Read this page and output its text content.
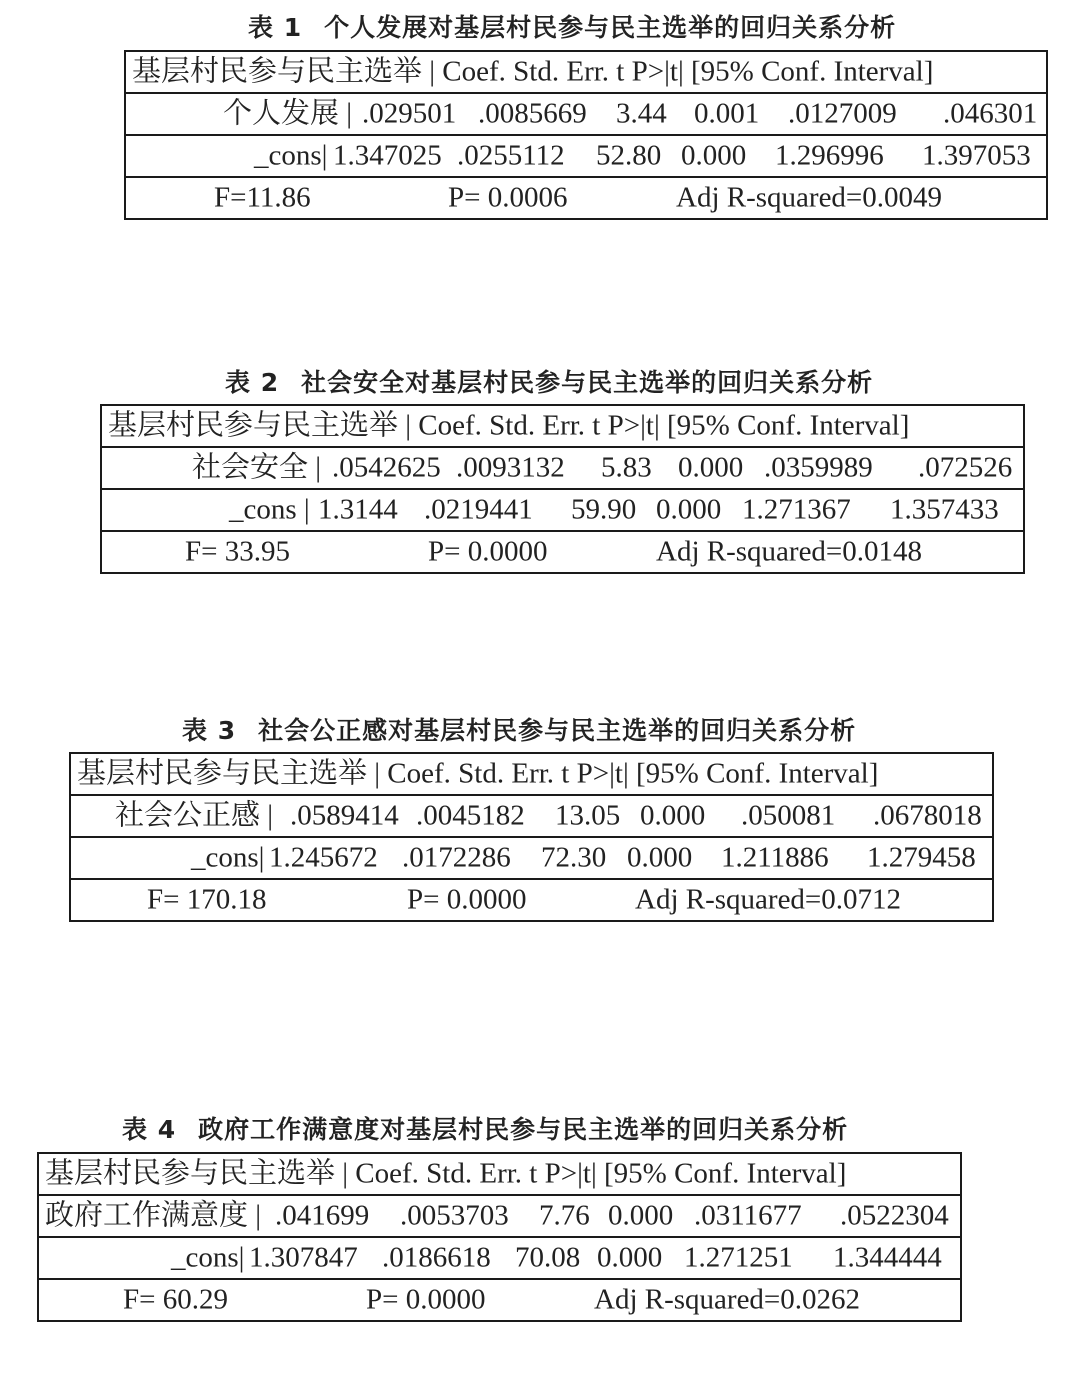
表 1 个人发展对基层村民参与民主选举的回归关系分析
基层村民参与民主选举 | Coef. Std. Err. t P>|t| [95% Conf. Interval]
个人发展 | .029501 .0085669 3.44 0.001 .0127009 .046301
_cons| 1.347025 .0255112 52.80 0.000 1.296996 1.397053
F=11.86	P= 0.0006	Adj R-squared=0.0049
表 2 社会安全对基层村民参与民主选举的回归关系分析
基层村民参与民主选举 | Coef. Std. Err. t P>|t| [95% Conf. Interval]
社会安全 | .0542625 .0093132 5.83 0.000 .0359989 .072526
_cons | 1.3144 .0219441 59.90 0.000 1.271367 1.357433
F= 33.95	P= 0.0000	Adj R-squared=0.0148
表 3 社会公正感对基层村民参与民主选举的回归关系分析
基层村民参与民主选举 | Coef. Std. Err. t P>|t| [95% Conf. Interval]
社会公正感 | .0589414 .0045182 13.05 0.000 .050081 .0678018
_cons| 1.245672 .0172286 72.30 0.000 1.211886 1.279458
F= 170.18	P= 0.0000	Adj R-squared=0.0712
表 4 政府工作满意度对基层村民参与民主选举的回归关系分析
基层村民参与民主选举 | Coef. Std. Err. t P>|t| [95% Conf. Interval]
政府工作满意度 | .041699 .0053703 7.76 0.000 .0311677 .0522304
_cons| 1.307847 .0186618 70.08 0.000 1.271251 1.344444
F= 60.29	P= 0.0000	Adj R-squared=0.0262
